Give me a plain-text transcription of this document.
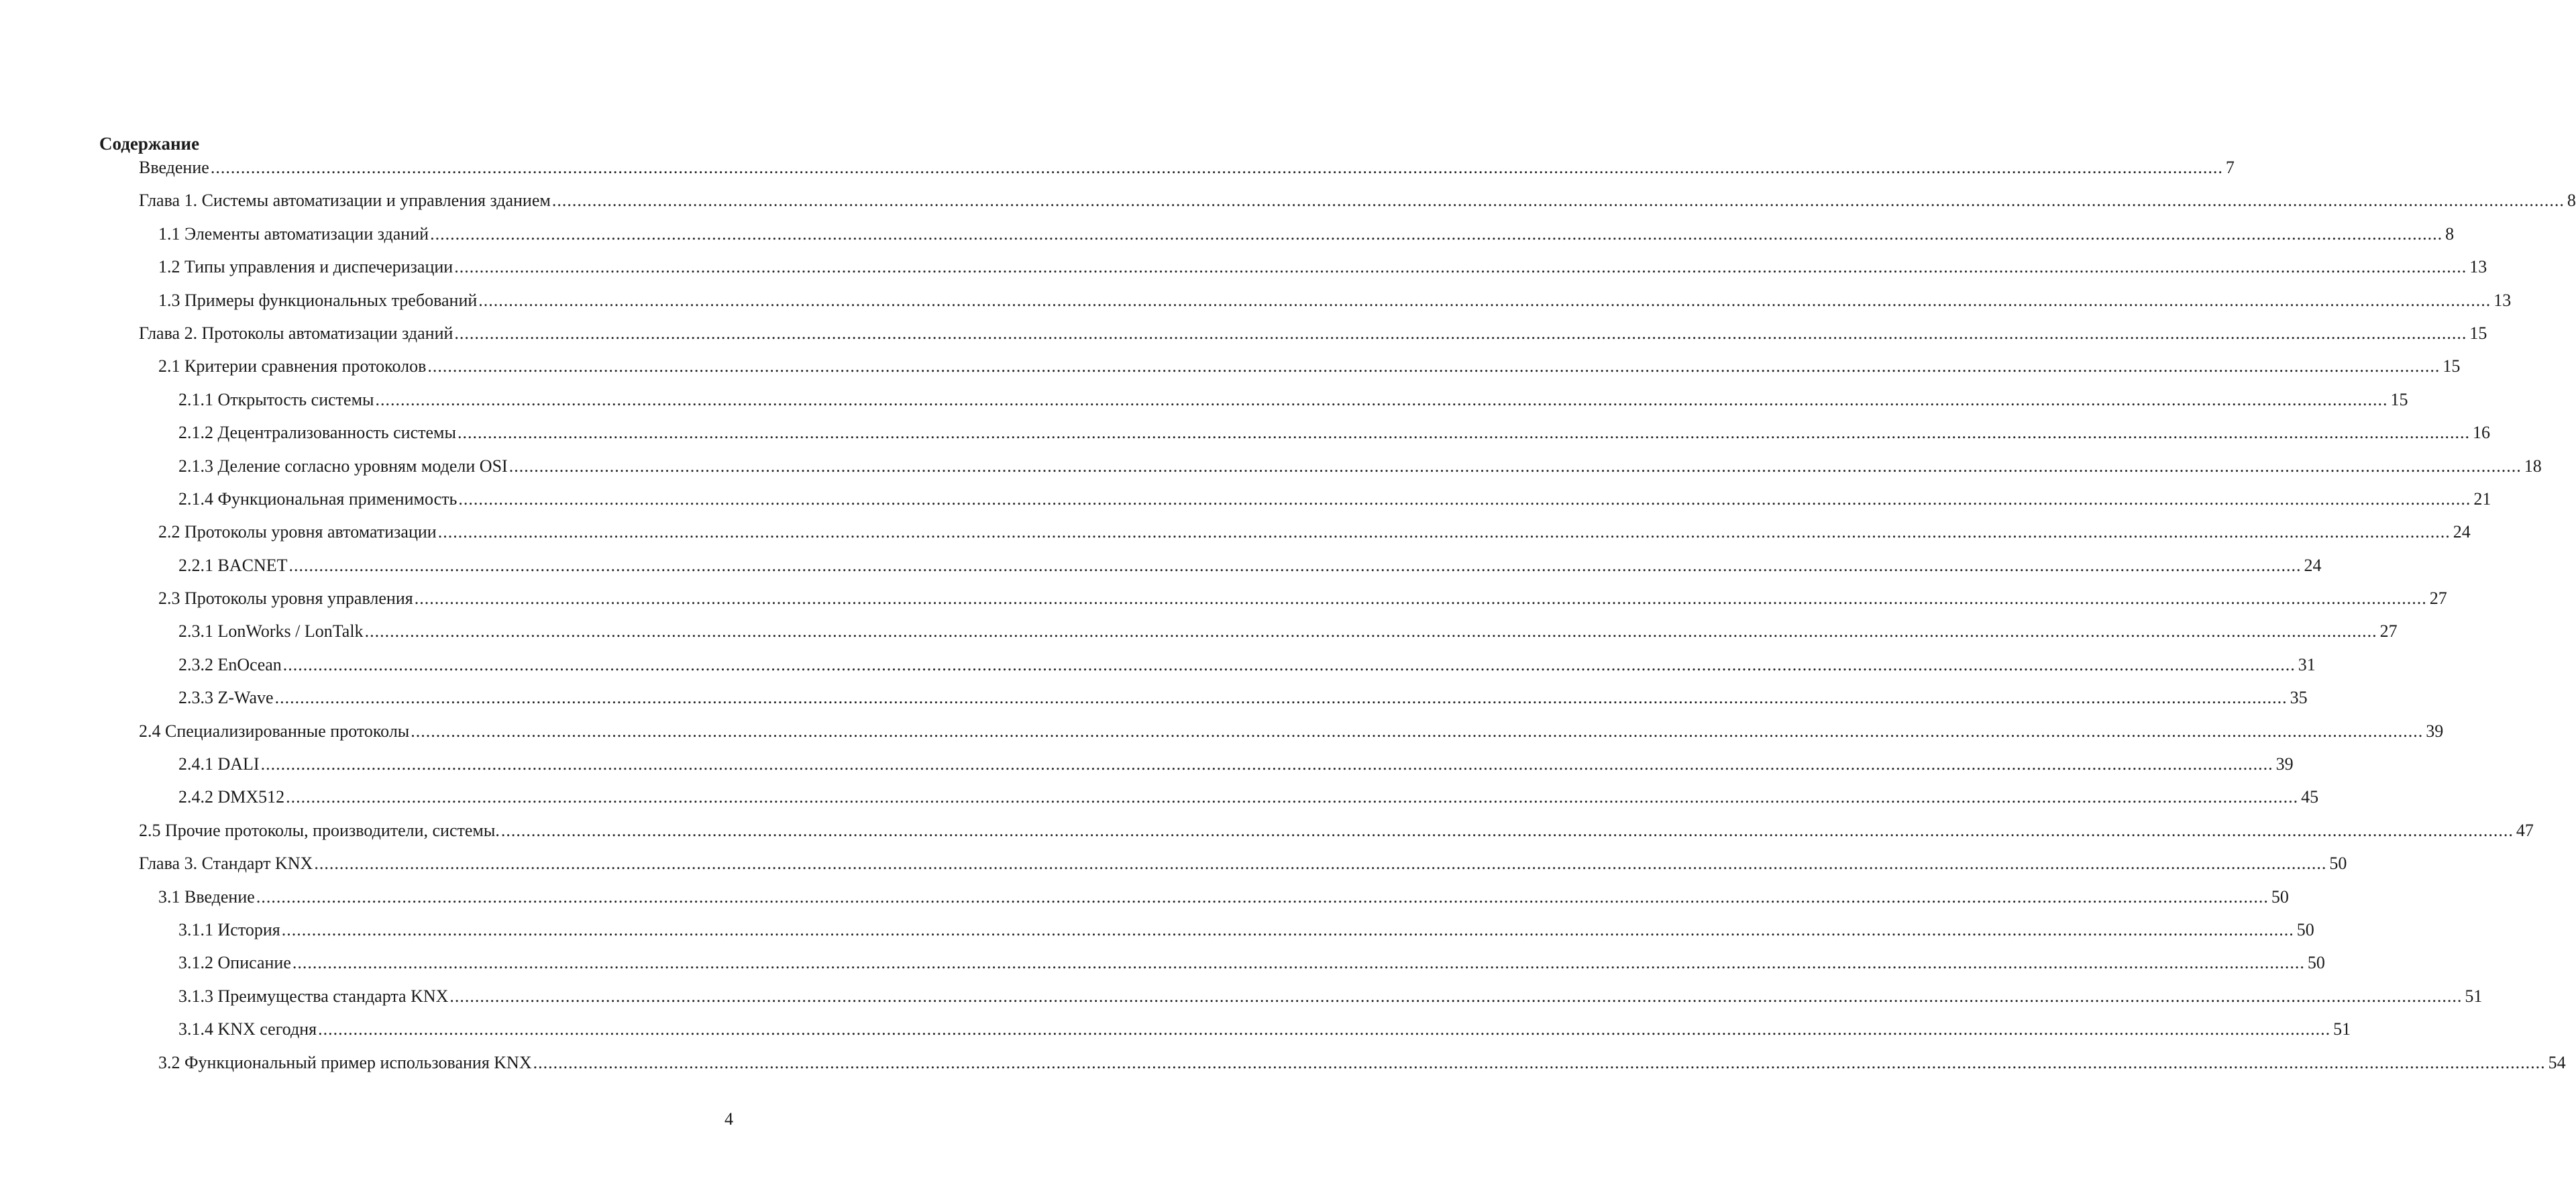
Содержание
Введение ................................................................................................................................................................................................................................................................................................................................................................................................................ 7
Глава 1. Системы автоматизации и управления зданием ................................................................................................................................................................................................................................................................................................................................................................................................................ 8
1.1 Элементы автоматизации зданий ................................................................................................................................................................................................................................................................................................................................................................................................................ 8
1.2 Типы управления и диспечеризации ................................................................................................................................................................................................................................................................................................................................................................................................................ 13
1.3 Примеры функциональных требований ................................................................................................................................................................................................................................................................................................................................................................................................................ 13
Глава 2. Протоколы автоматизации зданий ................................................................................................................................................................................................................................................................................................................................................................................................................ 15
2.1 Критерии сравнения протоколов ................................................................................................................................................................................................................................................................................................................................................................................................................ 15
2.1.1 Открытость системы ................................................................................................................................................................................................................................................................................................................................................................................................................ 15
2.1.2 Децентрализованность системы ................................................................................................................................................................................................................................................................................................................................................................................................................ 16
2.1.3 Деление согласно уровням модели OSI ................................................................................................................................................................................................................................................................................................................................................................................................................ 18
2.1.4 Функциональная применимость ................................................................................................................................................................................................................................................................................................................................................................................................................ 21
2.2 Протоколы уровня автоматизации ................................................................................................................................................................................................................................................................................................................................................................................................................ 24
2.2.1 BACNET ................................................................................................................................................................................................................................................................................................................................................................................................................ 24
2.3 Протоколы уровня управления ................................................................................................................................................................................................................................................................................................................................................................................................................ 27
2.3.1 LonWorks / LonTalk ................................................................................................................................................................................................................................................................................................................................................................................................................ 27
2.3.2 EnOcean ................................................................................................................................................................................................................................................................................................................................................................................................................ 31
2.3.3 Z-Wave ................................................................................................................................................................................................................................................................................................................................................................................................................ 35
2.4 Специализированные протоколы ................................................................................................................................................................................................................................................................................................................................................................................................................ 39
2.4.1 DALI ................................................................................................................................................................................................................................................................................................................................................................................................................ 39
2.4.2 DMX512 ................................................................................................................................................................................................................................................................................................................................................................................................................ 45
2.5 Прочие протоколы, производители, системы. ................................................................................................................................................................................................................................................................................................................................................................................................................ 47
Глава 3. Стандарт KNX ................................................................................................................................................................................................................................................................................................................................................................................................................ 50
3.1 Введение ................................................................................................................................................................................................................................................................................................................................................................................................................ 50
3.1.1 История ................................................................................................................................................................................................................................................................................................................................................................................................................ 50
3.1.2 Описание ................................................................................................................................................................................................................................................................................................................................................................................................................ 50
3.1.3 Преимущества стандарта KNX ................................................................................................................................................................................................................................................................................................................................................................................................................ 51
3.1.4 KNX сегодня ................................................................................................................................................................................................................................................................................................................................................................................................................ 51
3.2 Функциональный пример использования KNX ................................................................................................................................................................................................................................................................................................................................................................................................................ 54
4
